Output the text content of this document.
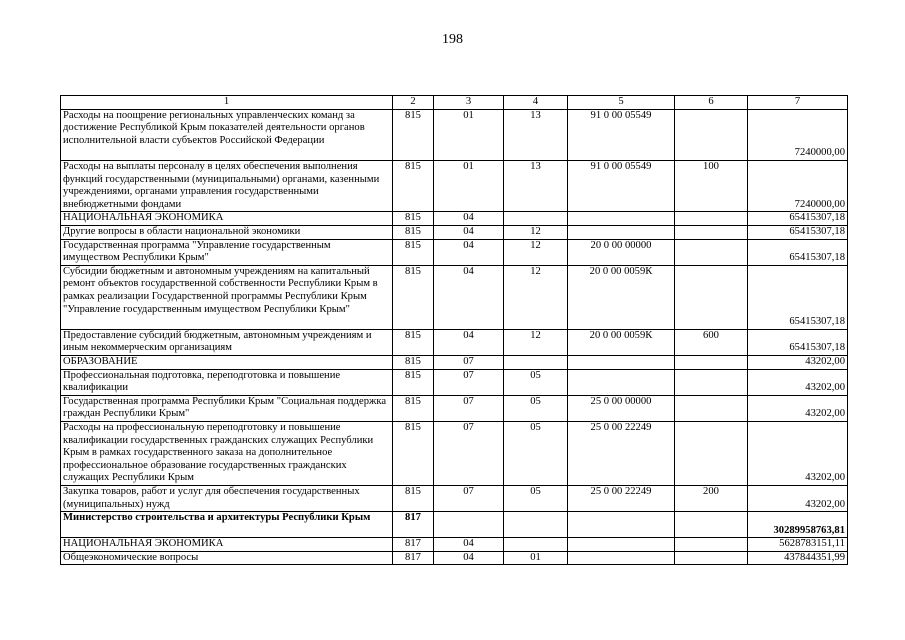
198
1	2	3	4	5	6	7
Расходы на поощрение региональных управленческих команд за достижение Республикой Крым показателей деятельности органов исполнительной власти субъектов Российской Федерации	815	01	13	91 0 00 05549		7240000,00
Расходы на выплаты персоналу в целях обеспечения выполнения функций государственными (муниципальными) органами, казенными учреждениями, органами управления государственными внебюджетными фондами	815	01	13	91 0 00 05549	100	7240000,00
НАЦИОНАЛЬНАЯ ЭКОНОМИКА	815	04				65415307,18
Другие вопросы в области национальной экономики	815	04	12			65415307,18
Государственная программа "Управление государственным имуществом Республики Крым"	815	04	12	20 0 00 00000		65415307,18
Субсидии бюджетным и автономным учреждениям на капитальный ремонт объектов государственной собственности Республики Крым в рамках реализации Государственной программы Республики Крым "Управление государственным имуществом Республики Крым"	815	04	12	20 0 00 0059К		65415307,18
Предоставление субсидий бюджетным, автономным учреждениям и иным некоммерческим организациям	815	04	12	20 0 00 0059К	600	65415307,18
ОБРАЗОВАНИЕ	815	07				43202,00
Профессиональная подготовка, переподготовка и повышение квалификации	815	07	05			43202,00
Государственная программа Республики Крым "Социальная поддержка граждан Республики Крым"	815	07	05	25 0 00 00000		43202,00
Расходы на профессиональную переподготовку и повышение квалификации государственных гражданских служащих Республики Крым в рамках государственного заказа на дополнительное профессиональное образование государственных гражданских служащих Республики Крым	815	07	05	25 0 00 22249		43202,00
Закупка товаров, работ и услуг для обеспечения государственных (муниципальных) нужд	815	07	05	25 0 00 22249	200	43202,00
Министерство строительства и архитектуры Республики Крым	817					30289958763,81
НАЦИОНАЛЬНАЯ ЭКОНОМИКА	817	04				5628783151,11
Общеэкономические вопросы	817	04	01			437844351,99
